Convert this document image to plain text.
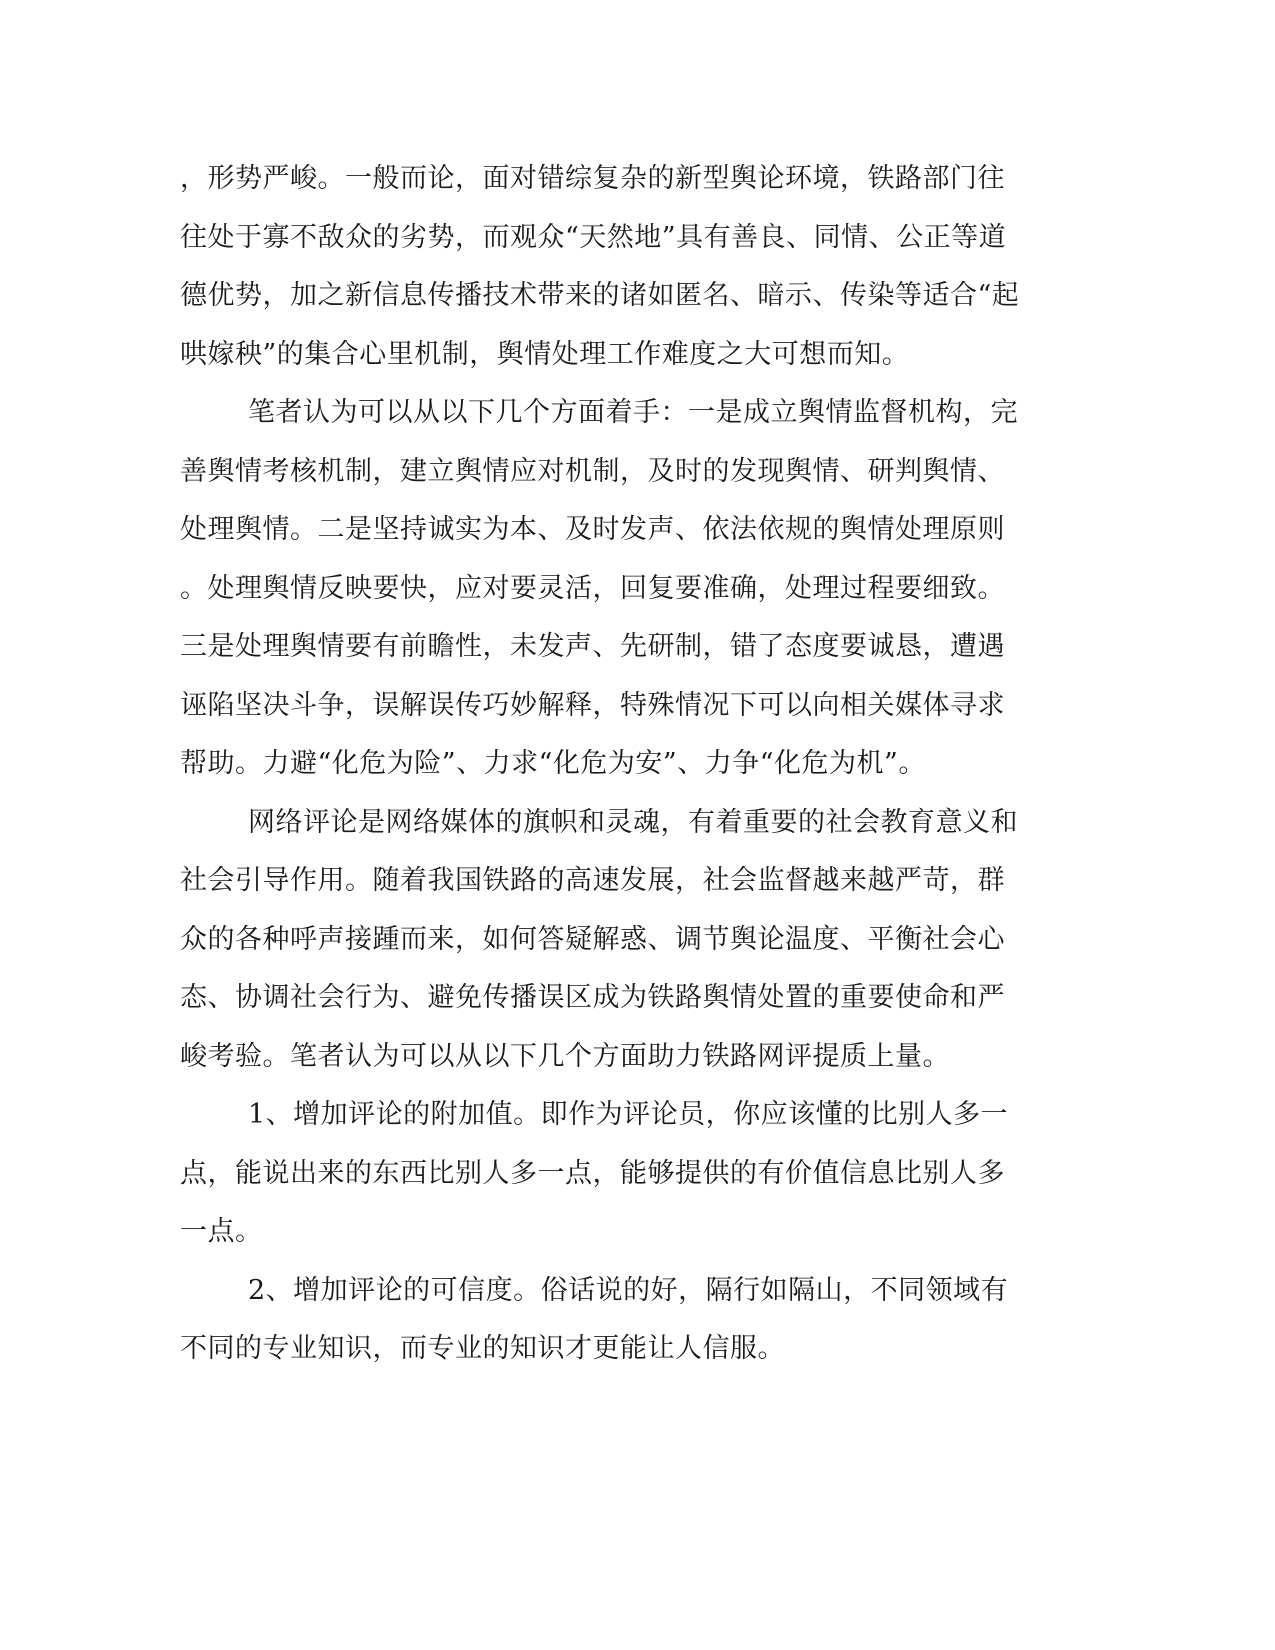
，形势严峻。一般而论，面对错综复杂的新型舆论环境，铁路部门往
往处于寡不敌众的劣势，而观众“天然地”具有善良、同情、公正等道
德优势，加之新信息传播技术带来的诸如匿名、暗示、传染等适合“起
哄嫁秧”的集合心里机制，舆情处理工作难度之大可想而知。

笔者认为可以从以下几个方面着手：一是成立舆情监督机构，完
善舆情考核机制，建立舆情应对机制，及时的发现舆情、研判舆情、
处理舆情。二是坚持诚实为本、及时发声、依法依规的舆情处理原则
。处理舆情反映要快，应对要灵活，回复要准确，处理过程要细致。
三是处理舆情要有前瞻性，未发声、先研制，错了态度要诚恳，遭遇
诬陷坚决斗争，误解误传巧妙解释，特殊情况下可以向相关媒体寻求
帮助。力避“化危为险”、力求“化危为安”、力争“化危为机”。

网络评论是网络媒体的旗帜和灵魂，有着重要的社会教育意义和
社会引导作用。随着我国铁路的高速发展，社会监督越来越严苛，群
众的各种呼声接踵而来，如何答疑解惑、调节舆论温度、平衡社会心
态、协调社会行为、避免传播误区成为铁路舆情处置的重要使命和严
峻考验。笔者认为可以从以下几个方面助力铁路网评提质上量。

1、增加评论的附加值。即作为评论员，你应该懂的比别人多一
点，能说出来的东西比别人多一点，能够提供的有价值信息比别人多
一点。

2、增加评论的可信度。俗话说的好，隔行如隔山，不同领域有
不同的专业知识，而专业的知识才更能让人信服。
